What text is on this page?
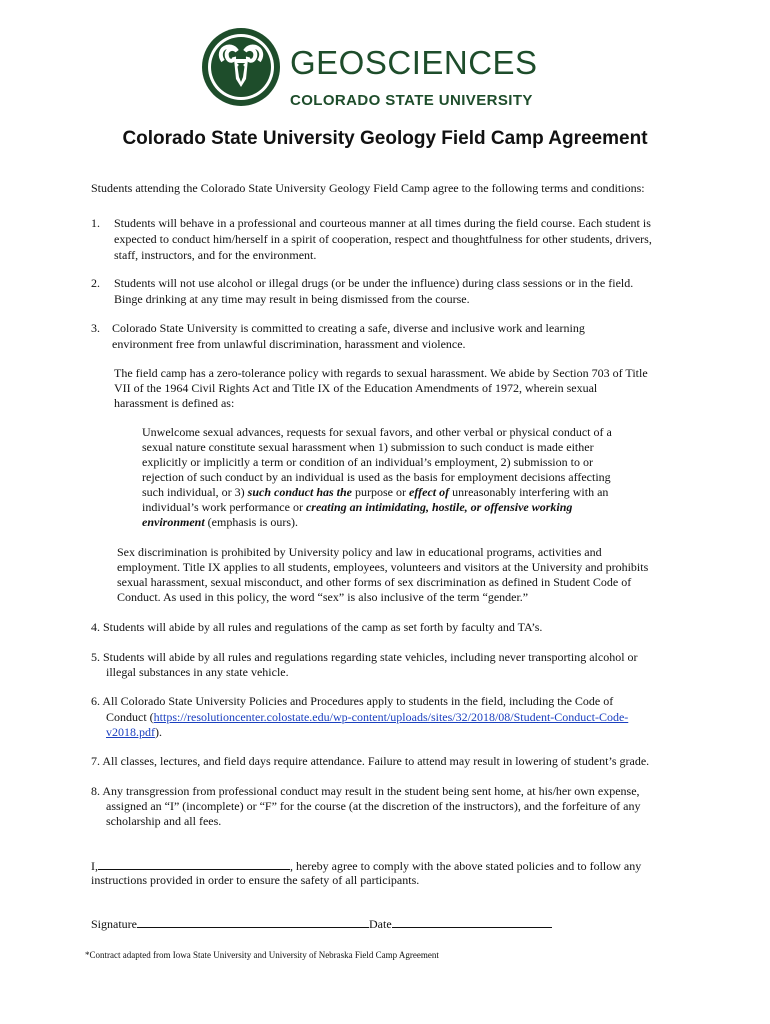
GEOSCIENCES
COLORADO STATE UNIVERSITY
Colorado State University Geology Field Camp Agreement
Students attending the Colorado State University Geology Field Camp agree to the following terms and conditions:
1. Students will behave in a professional and courteous manner at all times during the field course. Each student is
expected to conduct him/herself in a spirit of cooperation, respect and thoughtfulness for other students, drivers,
staff, instructors, and for the environment.
2. Students will not use alcohol or illegal drugs (or be under the influence) during class sessions or in the field.
Binge drinking at any time may result in being dismissed from the course.
3. Colorado State University is committed to creating a safe, diverse and inclusive work and learning
environment free from unlawful discrimination, harassment and violence.
The field camp has a zero-tolerance policy with regards to sexual harassment. We abide by Section 703 of Title
VII of the 1964 Civil Rights Act and Title IX of the Education Amendments of 1972, wherein sexual
harassment is defined as:
Unwelcome sexual advances, requests for sexual favors, and other verbal or physical conduct of a
sexual nature constitute sexual harassment when 1) submission to such conduct is made either
explicitly or implicitly a term or condition of an individual’s employment, 2) submission to or
rejection of such conduct by an individual is used as the basis for employment decisions affecting
such individual, or 3) such conduct has the purpose or effect of unreasonably interfering with an
individual’s work performance or creating an intimidating, hostile, or offensive working
environment (emphasis is ours).
Sex discrimination is prohibited by University policy and law in educational programs, activities and
employment. Title IX applies to all students, employees, volunteers and visitors at the University and prohibits
sexual harassment, sexual misconduct, and other forms of sex discrimination as defined in Student Code of
Conduct. As used in this policy, the word “sex” is also inclusive of the term “gender.”
4. Students will abide by all rules and regulations of the camp as set forth by faculty and TA’s.
5. Students will abide by all rules and regulations regarding state vehicles, including never transporting alcohol or
illegal substances in any state vehicle.
6. All Colorado State University Policies and Procedures apply to students in the field, including the Code of
Conduct (https://resolutioncenter.colostate.edu/wp-content/uploads/sites/32/2018/08/Student-Conduct-Code-
v2018.pdf).
7. All classes, lectures, and field days require attendance. Failure to attend may result in lowering of student’s grade.
8. Any transgression from professional conduct may result in the student being sent home, at his/her own expense,
assigned an “I” (incomplete) or “F” for the course (at the discretion of the instructors), and the forfeiture of any
scholarship and all fees.
I,	, hereby agree to comply with the above stated policies and to follow any
instructions provided in order to ensure the safety of all participants.
Signature	Date
*Contract adapted from Iowa State University and University of Nebraska Field Camp Agreement
